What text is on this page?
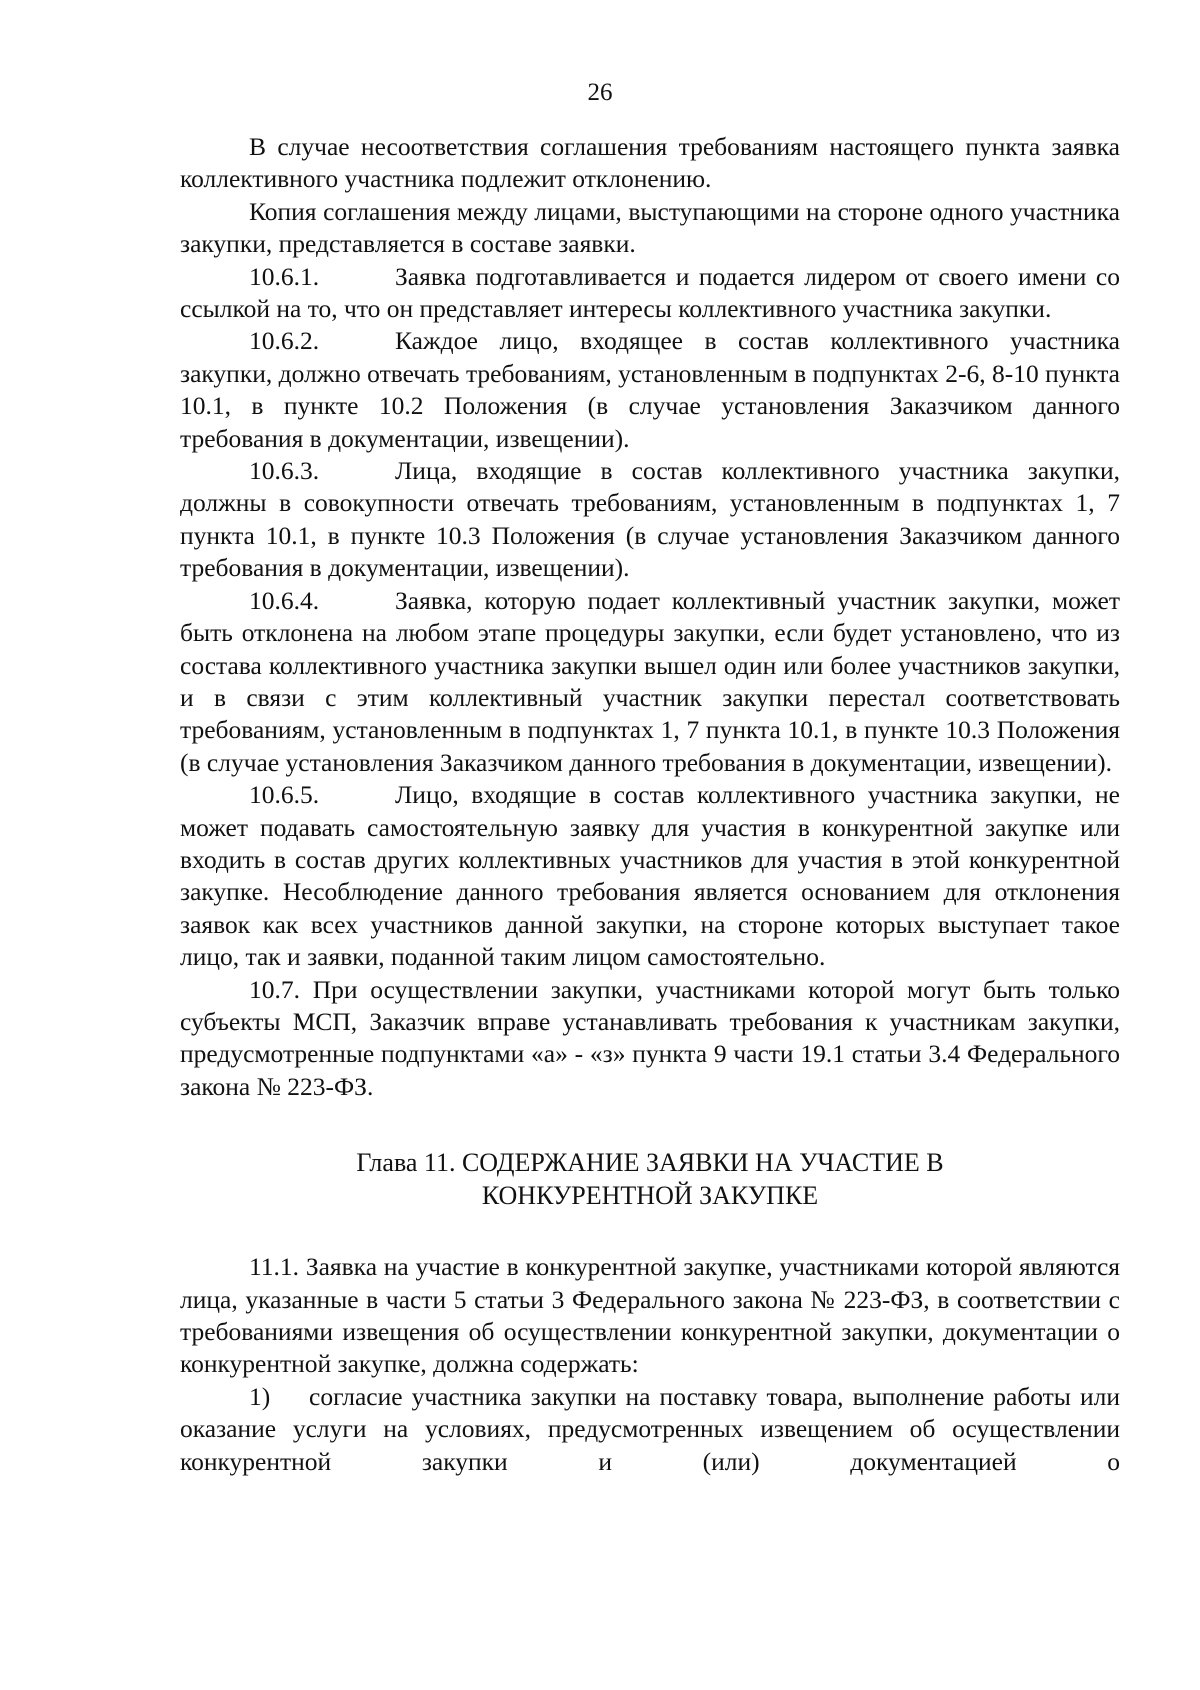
26

В случае несоответствия соглашения требованиям настоящего пункта заявка коллективного участника подлежит отклонению.

Копия соглашения между лицами, выступающими на стороне одного участника закупки, представляется в составе заявки.

10.6.1.	Заявка подготавливается и подается лидером от своего имени со ссылкой на то, что он представляет интересы коллективного участника закупки.

10.6.2.	Каждое лицо, входящее в состав коллективного участника закупки, должно отвечать требованиям, установленным в подпунктах 2-6, 8-10 пункта 10.1, в пункте 10.2 Положения (в случае установления Заказчиком данного требования в документации, извещении).

10.6.3.	Лица, входящие в состав коллективного участника закупки, должны в совокупности отвечать требованиям, установленным в подпунктах 1, 7 пункта 10.1, в пункте 10.3 Положения (в случае установления Заказчиком данного требования в документации, извещении).

10.6.4.	Заявка, которую подает коллективный участник закупки, может быть отклонена на любом этапе процедуры закупки, если будет установлено, что из состава коллективного участника закупки вышел один или более участников закупки, и в связи с этим коллективный участник закупки перестал соответствовать требованиям, установленным в подпунктах 1, 7 пункта 10.1, в пункте 10.3 Положения (в случае установления Заказчиком данного требования в документации, извещении).

10.6.5.	Лицо, входящие в состав коллективного участника закупки, не может подавать самостоятельную заявку для участия в конкурентной закупке или входить в состав других коллективных участников для участия в этой конкурентной закупке. Несоблюдение данного требования является основанием для отклонения заявок как всех участников данной закупки, на стороне которых выступает такое лицо, так и заявки, поданной таким лицом самостоятельно.

10.7. При осуществлении закупки, участниками которой могут быть только субъекты МСП, Заказчик вправе устанавливать требования к участникам закупки, предусмотренные подпунктами «а» - «з» пункта 9 части 19.1 статьи 3.4 Федерального закона № 223-ФЗ.

Глава 11. СОДЕРЖАНИЕ ЗАЯВКИ НА УЧАСТИЕ В
КОНКУРЕНТНОЙ ЗАКУПКЕ

11.1. Заявка на участие в конкурентной закупке, участниками которой являются лица, указанные в части 5 статьи 3 Федерального закона № 223-ФЗ, в соответствии с требованиями извещения об осуществлении конкурентной закупки, документации о конкурентной закупке, должна содержать:

1) согласие участника закупки на поставку товара, выполнение работы или оказание услуги на условиях, предусмотренных извещением об осуществлении конкурентной закупки и (или) документацией о
